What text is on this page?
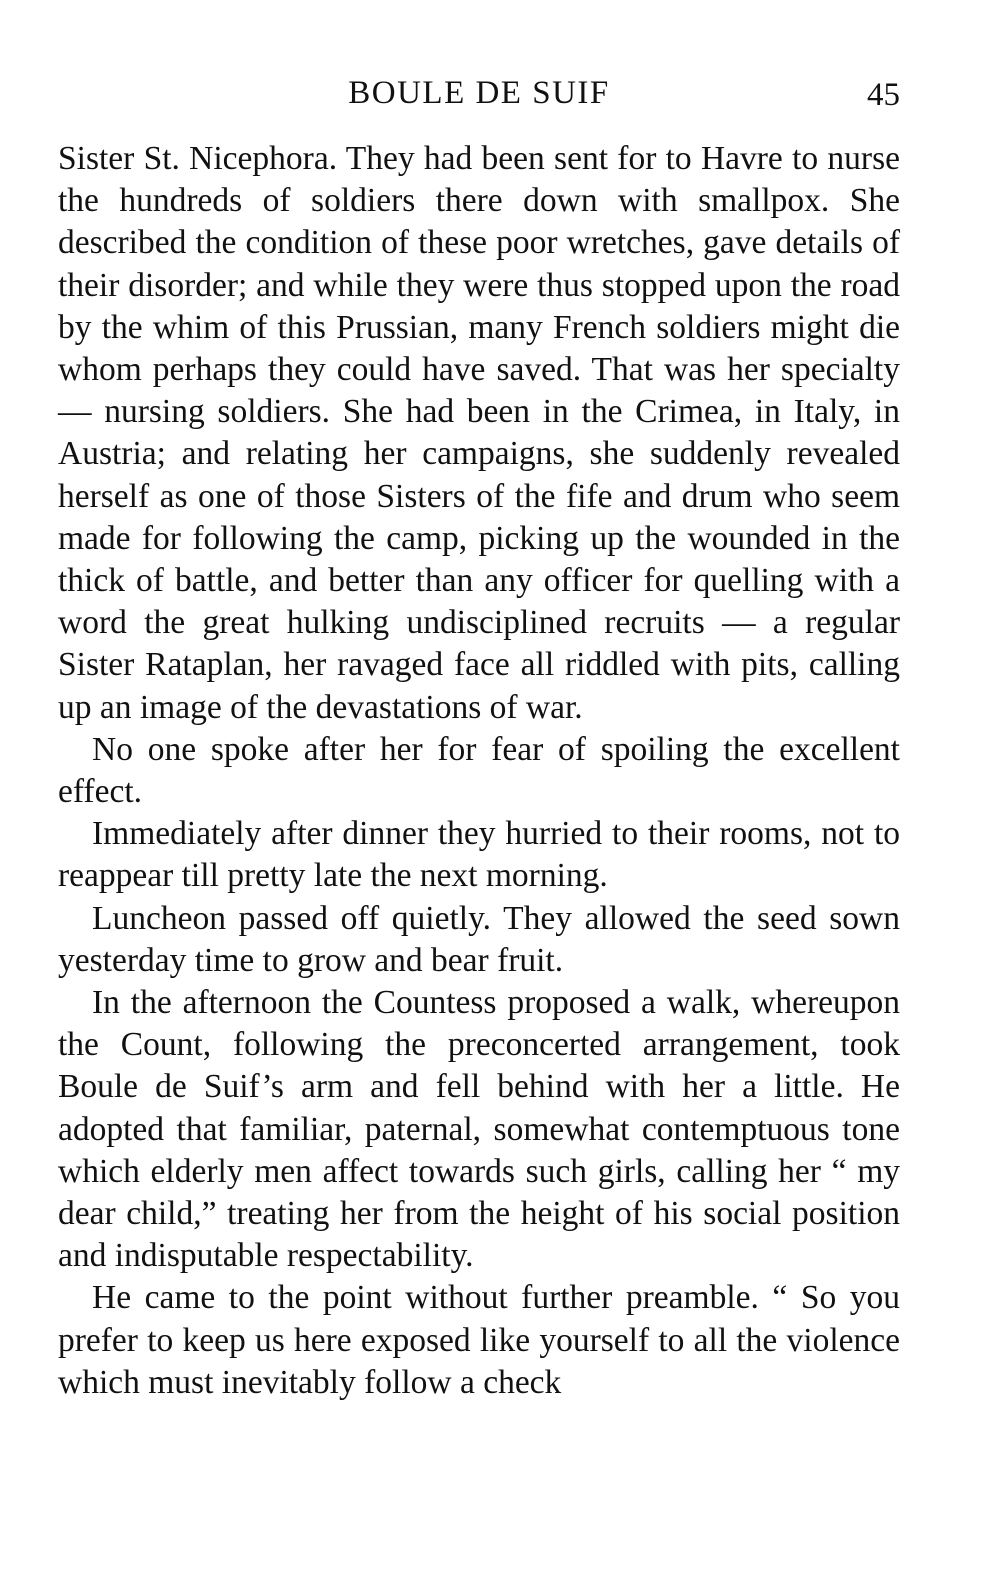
BOULE DE SUIF	45

Sister St. Nicephora. They had been sent for to Havre to nurse the hundreds of soldiers there down with smallpox. She described the condition of these poor wretches, gave details of their disorder; and while they were thus stopped upon the road by the whim of this Prussian, many French soldiers might die whom perhaps they could have saved. That was her specialty — nursing soldiers. She had been in the Crimea, in Italy, in Austria; and relating her campaigns, she suddenly revealed herself as one of those Sisters of the fife and drum who seem made for following the camp, picking up the wounded in the thick of battle, and better than any officer for quelling with a word the great hulking undisciplined recruits — a regular Sister Rataplan, her ravaged face all riddled with pits, calling up an image of the devastations of war.

No one spoke after her for fear of spoiling the excellent effect.

Immediately after dinner they hurried to their rooms, not to reappear till pretty late the next morning.

Luncheon passed off quietly. They allowed the seed sown yesterday time to grow and bear fruit.

In the afternoon the Countess proposed a walk, whereupon the Count, following the preconcerted arrangement, took Boule de Suif’s arm and fell behind with her a little. He adopted that familiar, paternal, somewhat contemptuous tone which elderly men affect towards such girls, calling her “ my dear child,” treating her from the height of his social position and indisputable respectability.

He came to the point without further preamble. “ So you prefer to keep us here exposed like yourself to all the violence which must inevitably follow a check
